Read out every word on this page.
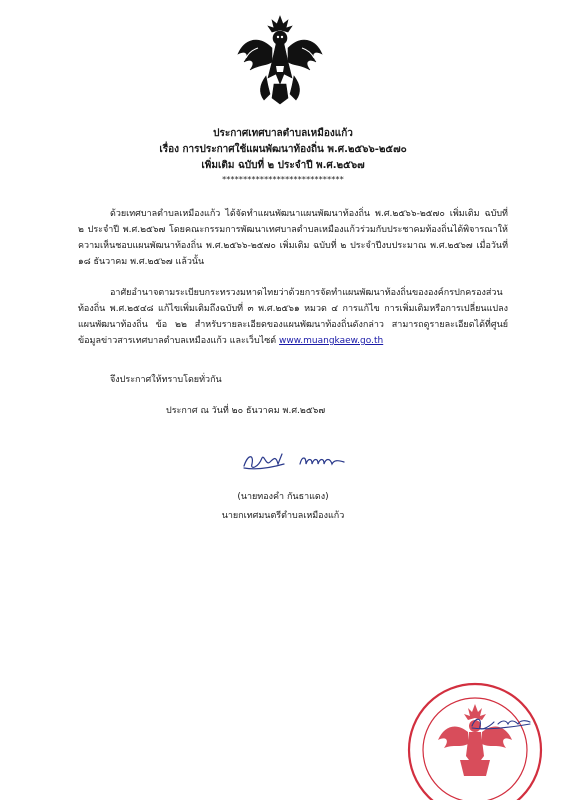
ประกาศเทศบาลตำบลเหมืองแก้ว
เรื่อง การประกาศใช้แผนพัฒนาท้องถิ่น พ.ศ.๒๕๖๖-๒๕๗๐
เพิ่มเติม ฉบับที่ ๒ ประจำปี พ.ศ.๒๕๖๗
*****************************
ด้วยเทศบาลตำบลเหมืองแก้ว ได้จัดทำแผนพัฒนาแผนพัฒนาท้องถิ่น พ.ศ.๒๕๖๖-๒๕๗๐ เพิ่มเติม ฉบับที่ ๒ ประจำปี พ.ศ.๒๕๖๗ โดยคณะกรรมการพัฒนาเทศบาลตำบลเหมืองแก้วร่วมกับประชาคมท้องถิ่นได้พิจารณาให้ความเห็นชอบแผนพัฒนาท้องถิ่น พ.ศ.๒๕๖๖-๒๕๗๐ เพิ่มเติม ฉบับที่ ๒ ประจำปีงบประมาณ พ.ศ.๒๕๖๗ เมื่อวันที่ ๑๘ ธันวาคม พ.ศ.๒๕๖๗ แล้วนั้น
อาศัยอำนาจตามระเบียบกระทรวงมหาดไทยว่าด้วยการจัดทำแผนพัฒนาท้องถิ่นขององค์กรปกครองส่วนท้องถิ่น พ.ศ.๒๕๔๘ แก้ไขเพิ่มเติมถึงฉบับที่ ๓ พ.ศ.๒๕๖๑ หมวด ๔ การแก้ไข การเพิ่มเติมหรือการเปลี่ยนแปลงแผนพัฒนาท้องถิ่น ข้อ ๒๒ สำหรับรายละเอียดของแผนพัฒนาท้องถิ่นดังกล่าว สามารถดูรายละเอียดได้ที่ศูนย์ข้อมูลข่าวสารเทศบาลตำบลเหมืองแก้ว และเว็บไซต์ www.muangkaew.go.th
จึงประกาศให้ทราบโดยทั่วกัน
ประกาศ ณ วันที่ ๒๐ ธันวาคม พ.ศ.๒๕๖๗
(นายทองคำ กันธาแดง)
นายกเทศมนตรีตำบลเหมืองแก้ว
